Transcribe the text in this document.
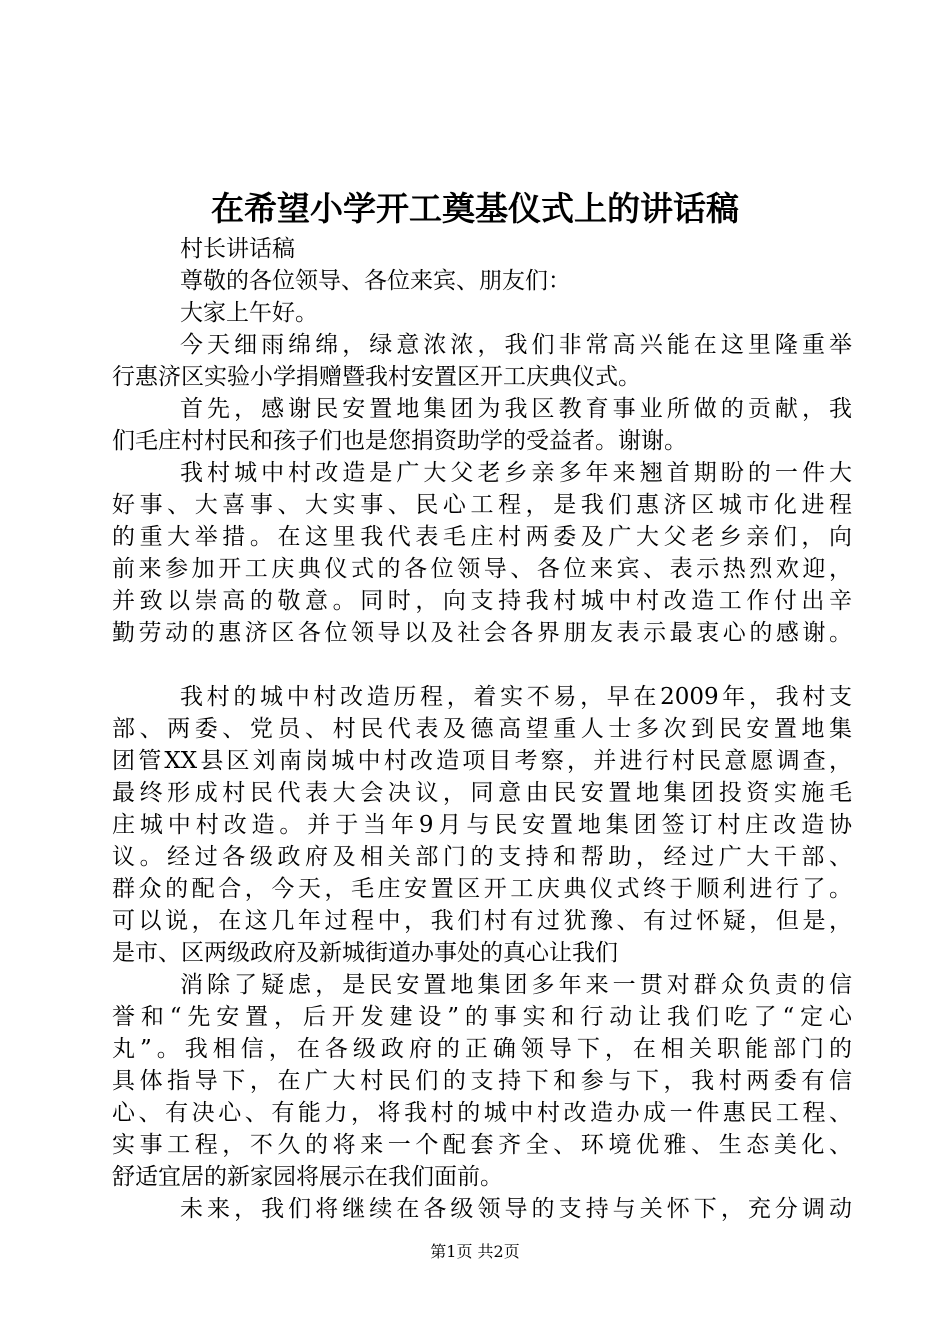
在希望小学开工奠基仪式上的讲话稿
村长讲话稿
尊敬的各位领导、各位来宾、朋友们：
大家上午好。
今天细雨绵绵，绿意浓浓，我们非常高兴能在这里隆重举
行惠济区实验小学捐赠暨我村安置区开工庆典仪式。
首先，感谢民安置地集团为我区教育事业所做的贡献，我
们毛庄村村民和孩子们也是您捐资助学的受益者。谢谢。
我村城中村改造是广大父老乡亲多年来翘首期盼的一件大
好事、大喜事、大实事、民心工程，是我们惠济区城市化进程
的重大举措。在这里我代表毛庄村两委及广大父老乡亲们，向
前来参加开工庆典仪式的各位领导、各位来宾、表示热烈欢迎，
并致以崇高的敬意。同时，向支持我村城中村改造工作付出辛
勤劳动的惠济区各位领导以及社会各界朋友表示最衷心的感谢。
我村的城中村改造历程，着实不易，早在2009年，我村支
部、两委、党员、村民代表及德高望重人士多次到民安置地集
团管XX县区刘南岗城中村改造项目考察，并进行村民意愿调查，
最终形成村民代表大会决议，同意由民安置地集团投资实施毛
庄城中村改造。并于当年9月与民安置地集团签订村庄改造协
议。经过各级政府及相关部门的支持和帮助，经过广大干部、
群众的配合，今天，毛庄安置区开工庆典仪式终于顺利进行了。
可以说，在这几年过程中，我们村有过犹豫、有过怀疑，但是，
是市、区两级政府及新城街道办事处的真心让我们
消除了疑虑，是民安置地集团多年来一贯对群众负责的信
誉和“先安置，后开发建设”的事实和行动让我们吃了“定心
丸”。我相信，在各级政府的正确领导下，在相关职能部门的
具体指导下，在广大村民们的支持下和参与下，我村两委有信
心、有决心、有能力，将我村的城中村改造办成一件惠民工程、
实事工程，不久的将来一个配套齐全、环境优雅、生态美化、
舒适宜居的新家园将展示在我们面前。
未来，我们将继续在各级领导的支持与关怀下，充分调动
第1页 共2页
